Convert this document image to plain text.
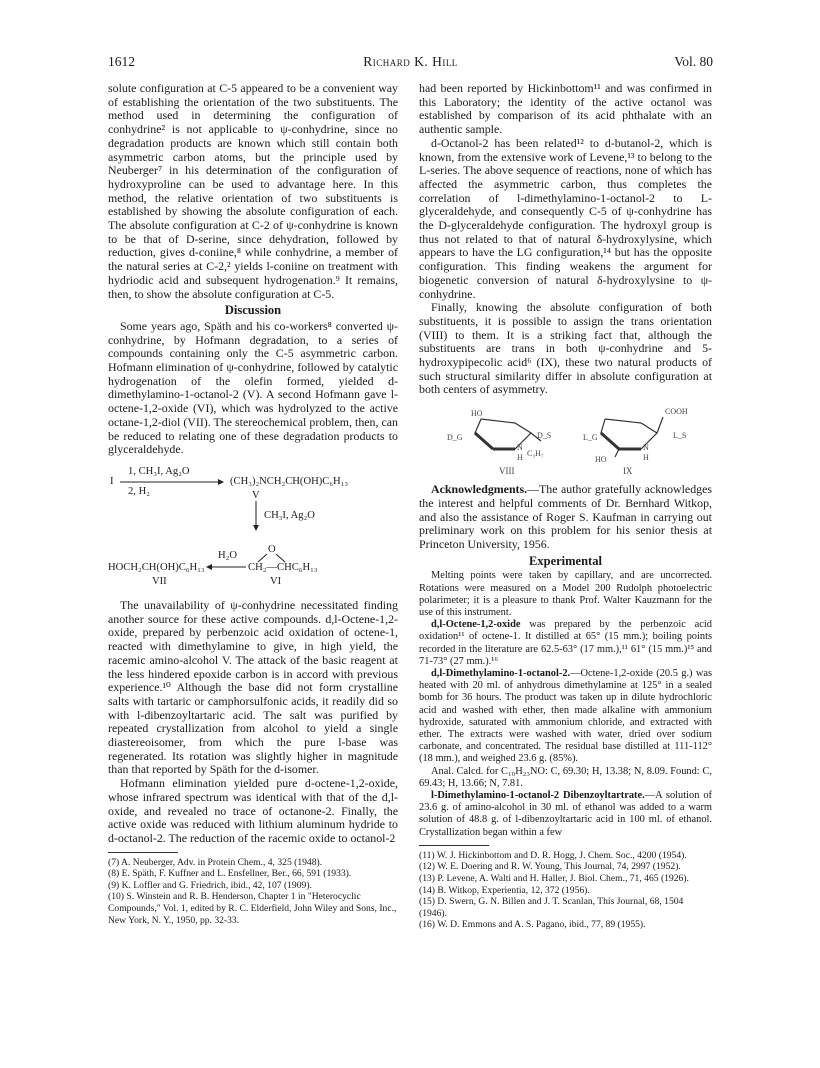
1612	Richard K. Hill	Vol. 80

solute configuration at C-5 appeared to be a convenient way of establishing the orientation of the two substituents. The method used in determining the configuration of conhydrine² is not applicable to ψ-conhydrine, since no degradation products are known which still contain both asymmetric carbon atoms, but the principle used by Neuberger⁷ in his determination of the configuration of hydroxyproline can be used to advantage here. In this method, the relative orientation of two substituents is established by showing the absolute configuration of each. The absolute configuration at C-2 of ψ-conhydrine is known to be that of D-serine, since dehydration, followed by reduction, gives d-coniine,⁸ while conhydrine, a member of the natural series at C-2,² yields l-coniine on treatment with hydriodic acid and subsequent hydrogenation.⁹ It remains, then, to show the absolute configuration at C-5.

Discussion

Some years ago, Späth and his co-workers⁸ converted ψ-conhydrine, by Hofmann degradation, to a series of compounds containing only the C-5 asymmetric carbon. Hofmann elimination of ψ-conhydrine, followed by catalytic hydrogenation of the olefin formed, yielded d-dimethylamino-1-octanol-2 (V). A second Hofmann gave l-octene-1,2-oxide (VI), which was hydrolyzed to the active octane-1,2-diol (VII). The stereochemical problem, then, can be reduced to relating one of these degradation products to glyceraldehyde.

I
1, CH₃I, Ag₂O
2, H₂
(CH₃)₂NCH₂CH(OH)C₆H₁₃
V
CH₃I, Ag₂O
H₂O
O
CH₂—CHC₆H₁₃
HOCH₂CH(OH)C₆H₁₃
VII	VI

The unavailability of ψ-conhydrine necessitated finding another source for these active compounds. d,l-Octene-1,2-oxide, prepared by perbenzoic acid oxidation of octene-1, reacted with dimethylamine to give, in high yield, the racemic amino-alcohol V. The attack of the basic reagent at the less hindered epoxide carbon is in accord with previous experience.¹⁰ Although the base did not form crystalline salts with tartaric or camphorsulfonic acids, it readily did so with l-dibenzoyltartaric acid. The salt was purified by repeated crystallization from alcohol to yield a single diastereoisomer, from which the pure l-base was regenerated. Its rotation was slightly higher in magnitude than that reported by Späth for the d-isomer.

Hofmann elimination yielded pure d-octene-1,2-oxide, whose infrared spectrum was identical with that of the d,l-oxide, and revealed no trace of octanone-2. Finally, the active oxide was reduced with lithium aluminum hydride to d-octanol-2. The reduction of the racemic oxide to octanol-2

(7) A. Neuberger, Adv. in Protein Chem., 4, 325 (1948).
(8) E. Späth, F. Kuffner and L. Ensfellner, Ber., 66, 591 (1933).
(9) K. Loffler and G. Friedrich, ibid., 42, 107 (1909).
(10) S. Winstein and R. B. Henderson, Chapter 1 in "Heterocyclic Compounds," Vol. 1, edited by R. C. Elderfield, John Wiley and Sons, Inc., New York, N. Y., 1950, pp. 32-33.

had been reported by Hickinbottom¹¹ and was confirmed in this Laboratory; the identity of the active octanol was established by comparison of its acid phthalate with an authentic sample.

d-Octanol-2 has been related¹² to d-butanol-2, which is known, from the extensive work of Levene,¹³ to belong to the L-series. The above sequence of reactions, none of which has affected the asymmetric carbon, thus completes the correlation of l-dimethylamino-1-octanol-2 to L-glyceraldehyde, and consequently C-5 of ψ-conhydrine has the D-glyceraldehyde configuration. The hydroxyl group is thus not related to that of natural δ-hydroxylysine, which appears to have the LG configuration,¹⁴ but has the opposite configuration. This finding weakens the argument for biogenetic conversion of natural δ-hydroxylysine to ψ-conhydrine.

Finally, knowing the absolute configuration of both substituents, it is possible to assign the trans orientation (VIII) to them. It is a striking fact that, although the substituents are trans in both ψ-conhydrine and 5-hydroxypipecolic acid⁶ (IX), these two natural products of such structural similarity differ in absolute configuration at both centers of asymmetry.

HO
D_G	D_S
N
H C₃H₇
VIII
COOH
L_G	L_S
HO
N
H
IX

Acknowledgments.—The author gratefully acknowledges the interest and helpful comments of Dr. Bernhard Witkop, and also the assistance of Roger S. Kaufman in carrying out preliminary work on this problem for his senior thesis at Princeton University, 1956.

Experimental

Melting points were taken by capillary, and are uncorrected. Rotations were measured on a Model 200 Rudolph photoelectric polarimeter; it is a pleasure to thank Prof. Walter Kauzmann for the use of this instrument.

d,l-Octene-1,2-oxide was prepared by the perbenzoic acid oxidation¹¹ of octene-1. It distilled at 65° (15 mm.); boiling points recorded in the literature are 62.5-63° (17 mm.),¹¹ 61° (15 mm.)¹⁵ and 71-73° (27 mm.).¹⁶

d,l-Dimethylamino-1-octanol-2.—Octene-1,2-oxide (20.5 g.) was heated with 20 ml. of anhydrous dimethylamine at 125° in a sealed bomb for 36 hours. The product was taken up in dilute hydrochloric acid and washed with ether, then made alkaline with ammonium hydroxide, saturated with ammonium chloride, and extracted with ether. The extracts were washed with water, dried over sodium carbonate, and concentrated. The residual base distilled at 111-112° (18 mm.), and weighed 23.6 g. (85%).

Anal. Calcd. for C₁₀H₂₃NO: C, 69.30; H, 13.38; N, 8.09. Found: C, 69.43; H, 13.66; N, 7.81.

l-Dimethylamino-1-octanol-2 Dibenzoyltartrate.—A solution of 23.6 g. of amino-alcohol in 30 ml. of ethanol was added to a warm solution of 48.8 g. of l-dibenzoyltartaric acid in 100 ml. of ethanol. Crystallization began within a few

(11) W. J. Hickinbottom and D. R. Hogg, J. Chem. Soc., 4200 (1954).
(12) W. E. Doering and R. W. Young, This Journal, 74, 2997 (1952).
(13) P. Levene, A. Walti and H. Haller, J. Biol. Chem., 71, 465 (1926).
(14) B. Witkop, Experientia, 12, 372 (1956).
(15) D. Swern, G. N. Billen and J. T. Scanlan, This Journal, 68, 1504 (1946).
(16) W. D. Emmons and A. S. Pagano, ibid., 77, 89 (1955).
